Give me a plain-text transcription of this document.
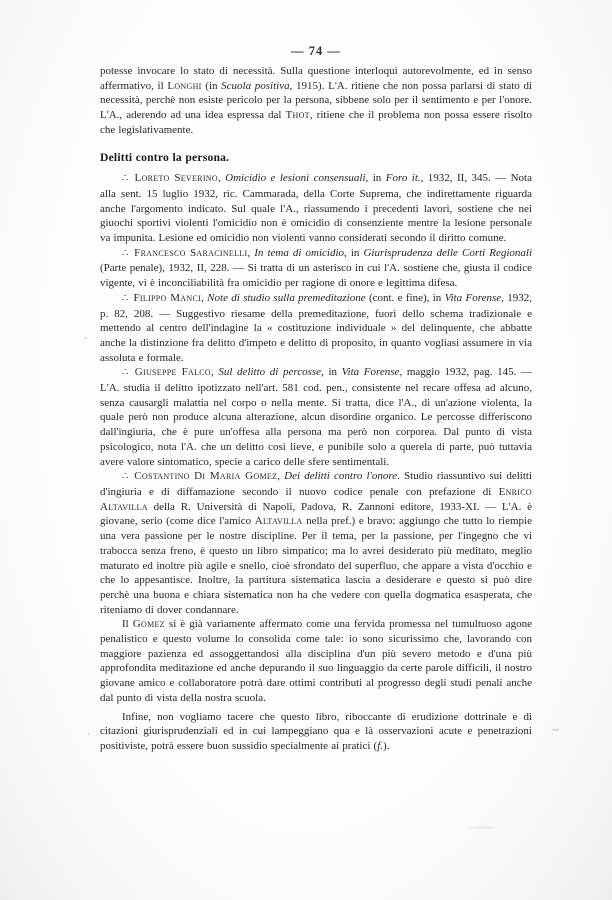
— 74 —

potesse invocare lo stato di necessità. Sulla questione interloquì autorevolmente, ed in senso affermativo, il Longhi (in Scuola positiva, 1915). L'A. ritiene che non possa parlarsi di stato di necessità, perchè non esiste pericolo per la persona, sibbene solo per il sentimento e per l'onore. L'A., aderendo ad una idea espressa dal Thot, ritiene che il problema non possa essere risolto che legislativamente.

Delitti contro la persona.

∴ Loreto Severino, Omicidio e lesioni consensuali, in Foro it., 1932, II, 345. — Nota alla sent. 15 luglio 1932, ric. Cammarada, della Corte Suprema, che indirettamente riguarda anche l'argomento indicato. Sul quale l'A., riassumendo i precedenti lavori, sostiene che nei giuochi sportivi violenti l'omicidio non è omicidio di consenziente mentre la lesione personale va impunita. Lesione ed omicidio non violenti vanno considerati secondo il diritto comune.

∴ Francesco Saracinelli, In tema di omicidio, in Giurisprudenza delle Corti Regionali (Parte penale), 1932, II, 228. — Si tratta di un asterisco in cui l'A. sostiene che, giusta il codice vigente, vi è inconciliabilità fra omicidio per ragione di onore e legittima difesa.

∴ Filippo Manci, Note di studio sulla premeditazione (cont. e fine), in Vita Forense, 1932, p. 82, 208. — Suggestivo riesame della premeditazione, fuori dello schema tradizionale e mettendo al centro dell'indagine la « costituzione individuale » del delinquente, che abbatte anche la distinzione fra delitto d'impeto e delitto di proposito, in quanto vogliasi assumere in via assoluta e formale.

∴ Giuseppe Falco, Sul delitto di percosse, in Vita Forense, maggio 1932, pag. 145. — L'A. studia il delitto ipotizzato nell'art. 581 cod. pen., consistente nel recare offesa ad alcuno, senza causargli malattia nel corpo o nella mente. Si tratta, dice l'A., di un'azione violenta, la quale però non produce alcuna alterazione, alcun disordine organico. Le percosse differiscono dall'ingiuria, che è pure un'offesa alla persona ma però non corporea. Dal punto di vista psicologico, nota l'A. che un delitto così lieve, e punibile solo a querela di parte, può tuttavia avere valore sintomatico, specie a carico delle sfere sentimentali.

∴ Costantino Di Maria Gomez, Dei delitti contro l'onore. Studio riassuntivo sui delitti d'ingiuria e di diffamazione secondo il nuovo codice penale con prefazione di Enrico Altavilla della R. Università di Napoli, Padova, R. Zannoni editore, 1933-XI. — L'A. è giovane, serio (come dice l'amico Altavilla nella pref.) e bravo: aggiungo che tutto lo riempie una vera passione per le nostre discipline. Per il tema, per la passione, per l'ingegno che vi trabocca senza freno, è questo un libro simpatico; ma lo avrei desiderato più meditato, meglio maturato ed inoltre più agile e snello, cioè sfrondato del superfluo, che appare a vista d'occhio e che lo appesantisce. Inoltre, la partitura sistematica lascia a desiderare e questo si può dire perchè una buona e chiara sistematica non ha che vedere con quella dogmatica esasperata, che riteniamo di dover condannare.

Il Gomez si è già variamente affermato come una fervida promessa nel tumultuoso agone penalistico e questo volume lo consolida come tale: io sono sicurissimo che, lavorando con maggiore pazienza ed assoggettandosi alla disciplina d'un più severo metodo e d'una più approfondita meditazione ed anche depurando il suo linguaggio da certe parole difficili, il nostro giovane amico e collaboratore potrà dare ottimi contributi al progresso degli studi penali anche dal punto di vista della nostra scuola.

Infine, non vogliamo tacere che questo libro, riboccante di erudizione dottrinale e di citazioni giurisprudenziali ed in cui lampeggiano qua e là osservazioni acute e penetrazioni positiviste, potrà essere buon sussidio specialmente ai pratici (f.).

~
